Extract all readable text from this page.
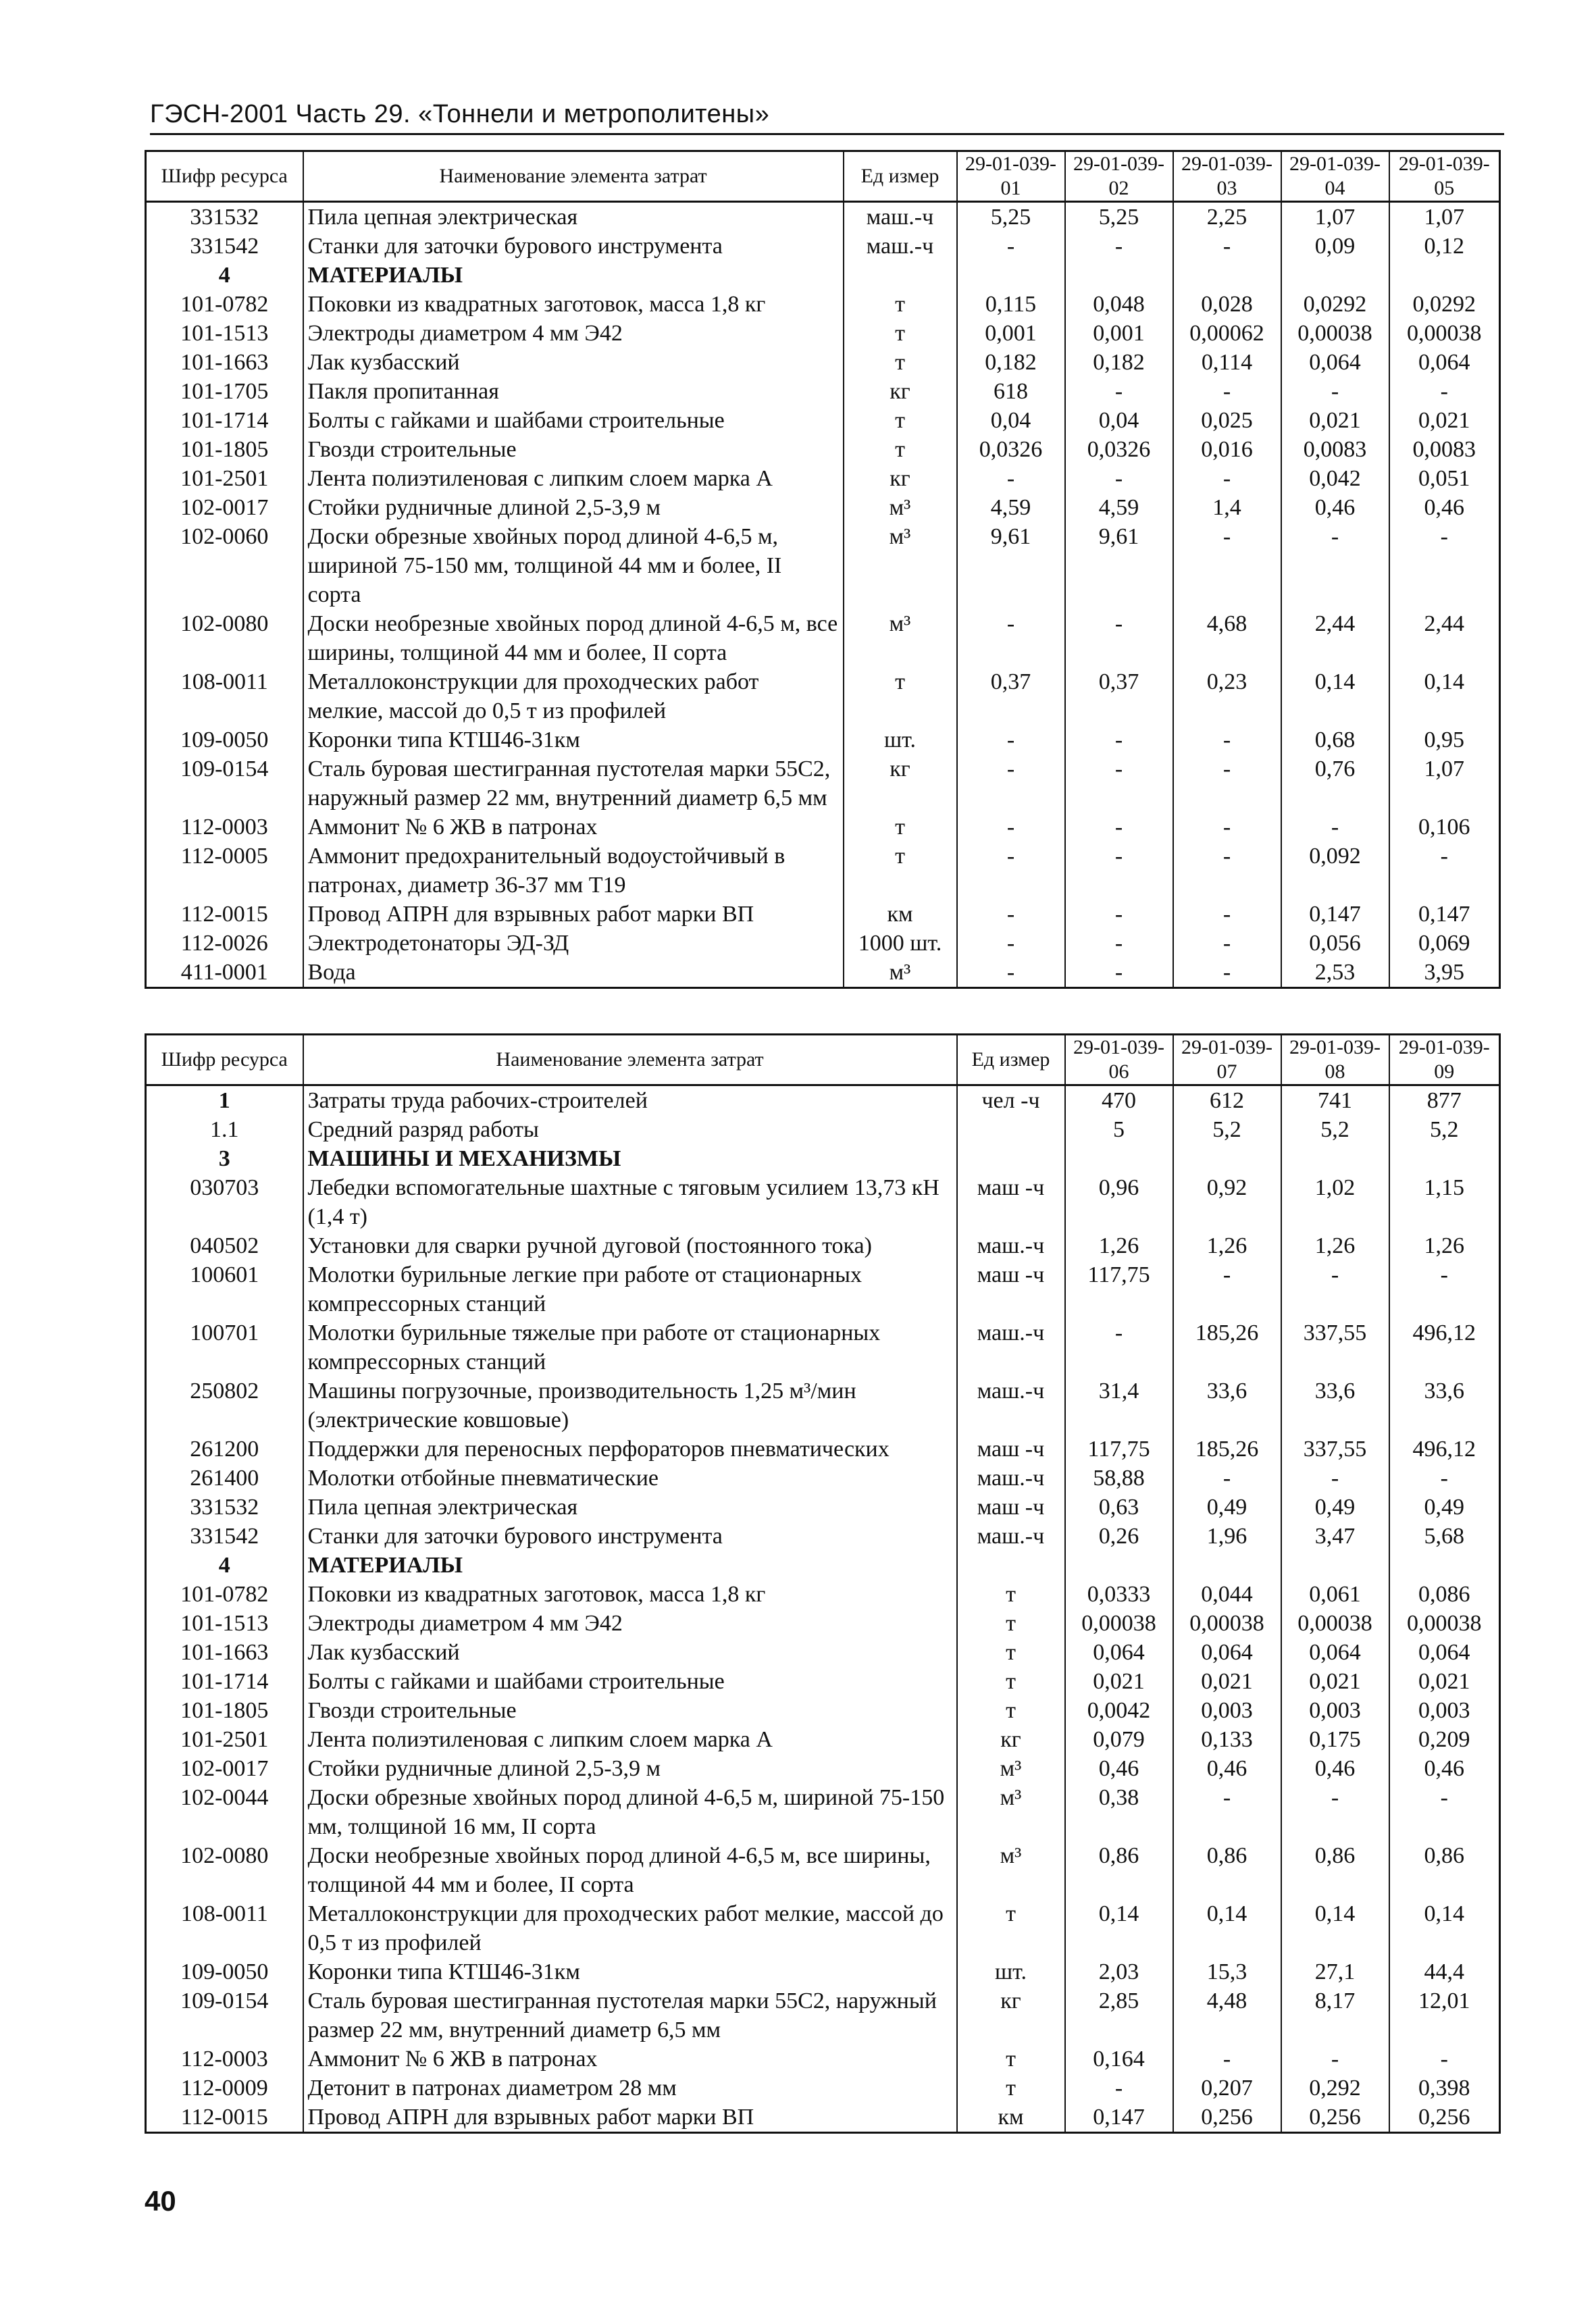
ГЭСН-2001 Часть 29. «Тоннели и метрополитены»
Шифр ресурса	Наименование элемента затрат	Ед измер	29-01-039-01	29-01-039-02	29-01-039-03	29-01-039-04	29-01-039-05
331532	Пила цепная электрическая	маш.-ч	5,25	5,25	2,25	1,07	1,07
331542	Станки для заточки бурового инструмента	маш.-ч	-	-	-	0,09	0,12
4	МАТЕРИАЛЫ						
101-0782	Поковки из квадратных заготовок, масса 1,8 кг	т	0,115	0,048	0,028	0,0292	0,0292
101-1513	Электроды диаметром 4 мм Э42	т	0,001	0,001	0,00062	0,00038	0,00038
101-1663	Лак кузбасский	т	0,182	0,182	0,114	0,064	0,064
101-1705	Пакля пропитанная	кг	618	-	-	-	-
101-1714	Болты с гайками и шайбами строительные	т	0,04	0,04	0,025	0,021	0,021
101-1805	Гвозди строительные	т	0,0326	0,0326	0,016	0,0083	0,0083
101-2501	Лента полиэтиленовая с липким слоем марка А	кг	-	-	-	0,042	0,051
102-0017	Стойки рудничные длиной 2,5-3,9 м	м³	4,59	4,59	1,4	0,46	0,46
102-0060	Доски обрезные хвойных пород длиной 4-6,5 м, шириной 75-150 мм, толщиной 44 мм и более, II сорта	м³	9,61	9,61	-	-	-
102-0080	Доски необрезные хвойных пород длиной 4-6,5 м, все ширины, толщиной 44 мм и более, II сорта	м³	-	-	4,68	2,44	2,44
108-0011	Металлоконструкции для проходческих работ мелкие, массой до 0,5 т из профилей	т	0,37	0,37	0,23	0,14	0,14
109-0050	Коронки типа КТШ46-31км	шт.	-	-	-	0,68	0,95
109-0154	Сталь буровая шестигранная пустотелая марки 55С2, наружный размер 22 мм, внутренний диаметр 6,5 мм	кг	-	-	-	0,76	1,07
112-0003	Аммонит № 6 ЖВ в патронах	т	-	-	-	-	0,106
112-0005	Аммонит предохранительный водоустойчивый в патронах, диаметр 36-37 мм Т19	т	-	-	-	0,092	-
112-0015	Провод АПРН для взрывных работ марки ВП	км	-	-	-	0,147	0,147
112-0026	Электродетонаторы ЭД-ЗД	1000 шт.	-	-	-	0,056	0,069
411-0001	Вода	м³	-	-	-	2,53	3,95
Шифр ресурса	Наименование элемента затрат	Ед измер	29-01-039-06	29-01-039-07	29-01-039-08	29-01-039-09
1	Затраты труда рабочих-строителей	чел -ч	470	612	741	877
1.1	Средний разряд работы		5	5,2	5,2	5,2
3	МАШИНЫ И МЕХАНИЗМЫ					
030703	Лебедки вспомогательные шахтные с тяговым усилием 13,73 кН (1,4 т)	маш -ч	0,96	0,92	1,02	1,15
040502	Установки для сварки ручной дуговой (постоянного тока)	маш.-ч	1,26	1,26	1,26	1,26
100601	Молотки бурильные легкие при работе от стационарных компрессорных станций	маш -ч	117,75	-	-	-
100701	Молотки бурильные тяжелые при работе от стационарных компрессорных станций	маш.-ч	-	185,26	337,55	496,12
250802	Машины погрузочные, производительность 1,25 м³/мин (электрические ковшовые)	маш.-ч	31,4	33,6	33,6	33,6
261200	Поддержки для переносных перфораторов пневматических	маш -ч	117,75	185,26	337,55	496,12
261400	Молотки отбойные пневматические	маш.-ч	58,88	-	-	-
331532	Пила цепная электрическая	маш -ч	0,63	0,49	0,49	0,49
331542	Станки для заточки бурового инструмента	маш.-ч	0,26	1,96	3,47	5,68
4	МАТЕРИАЛЫ					
101-0782	Поковки из квадратных заготовок, масса 1,8 кг	т	0,0333	0,044	0,061	0,086
101-1513	Электроды диаметром 4 мм Э42	т	0,00038	0,00038	0,00038	0,00038
101-1663	Лак кузбасский	т	0,064	0,064	0,064	0,064
101-1714	Болты с гайками и шайбами строительные	т	0,021	0,021	0,021	0,021
101-1805	Гвозди строительные	т	0,0042	0,003	0,003	0,003
101-2501	Лента полиэтиленовая с липким слоем марка А	кг	0,079	0,133	0,175	0,209
102-0017	Стойки рудничные длиной 2,5-3,9 м	м³	0,46	0,46	0,46	0,46
102-0044	Доски обрезные хвойных пород длиной 4-6,5 м, шириной 75-150 мм, толщиной 16 мм, II сорта	м³	0,38	-	-	-
102-0080	Доски необрезные хвойных пород длиной 4-6,5 м, все ширины, толщиной 44 мм и более, II сорта	м³	0,86	0,86	0,86	0,86
108-0011	Металлоконструкции для проходческих работ мелкие, массой до 0,5 т из профилей	т	0,14	0,14	0,14	0,14
109-0050	Коронки типа КТШ46-31км	шт.	2,03	15,3	27,1	44,4
109-0154	Сталь буровая шестигранная пустотелая марки 55С2, наружный размер 22 мм, внутренний диаметр 6,5 мм	кг	2,85	4,48	8,17	12,01
112-0003	Аммонит № 6 ЖВ в патронах	т	0,164	-	-	-
112-0009	Детонит в патронах диаметром 28 мм	т	-	0,207	0,292	0,398
112-0015	Провод АПРН для взрывных работ марки ВП	км	0,147	0,256	0,256	0,256
40
